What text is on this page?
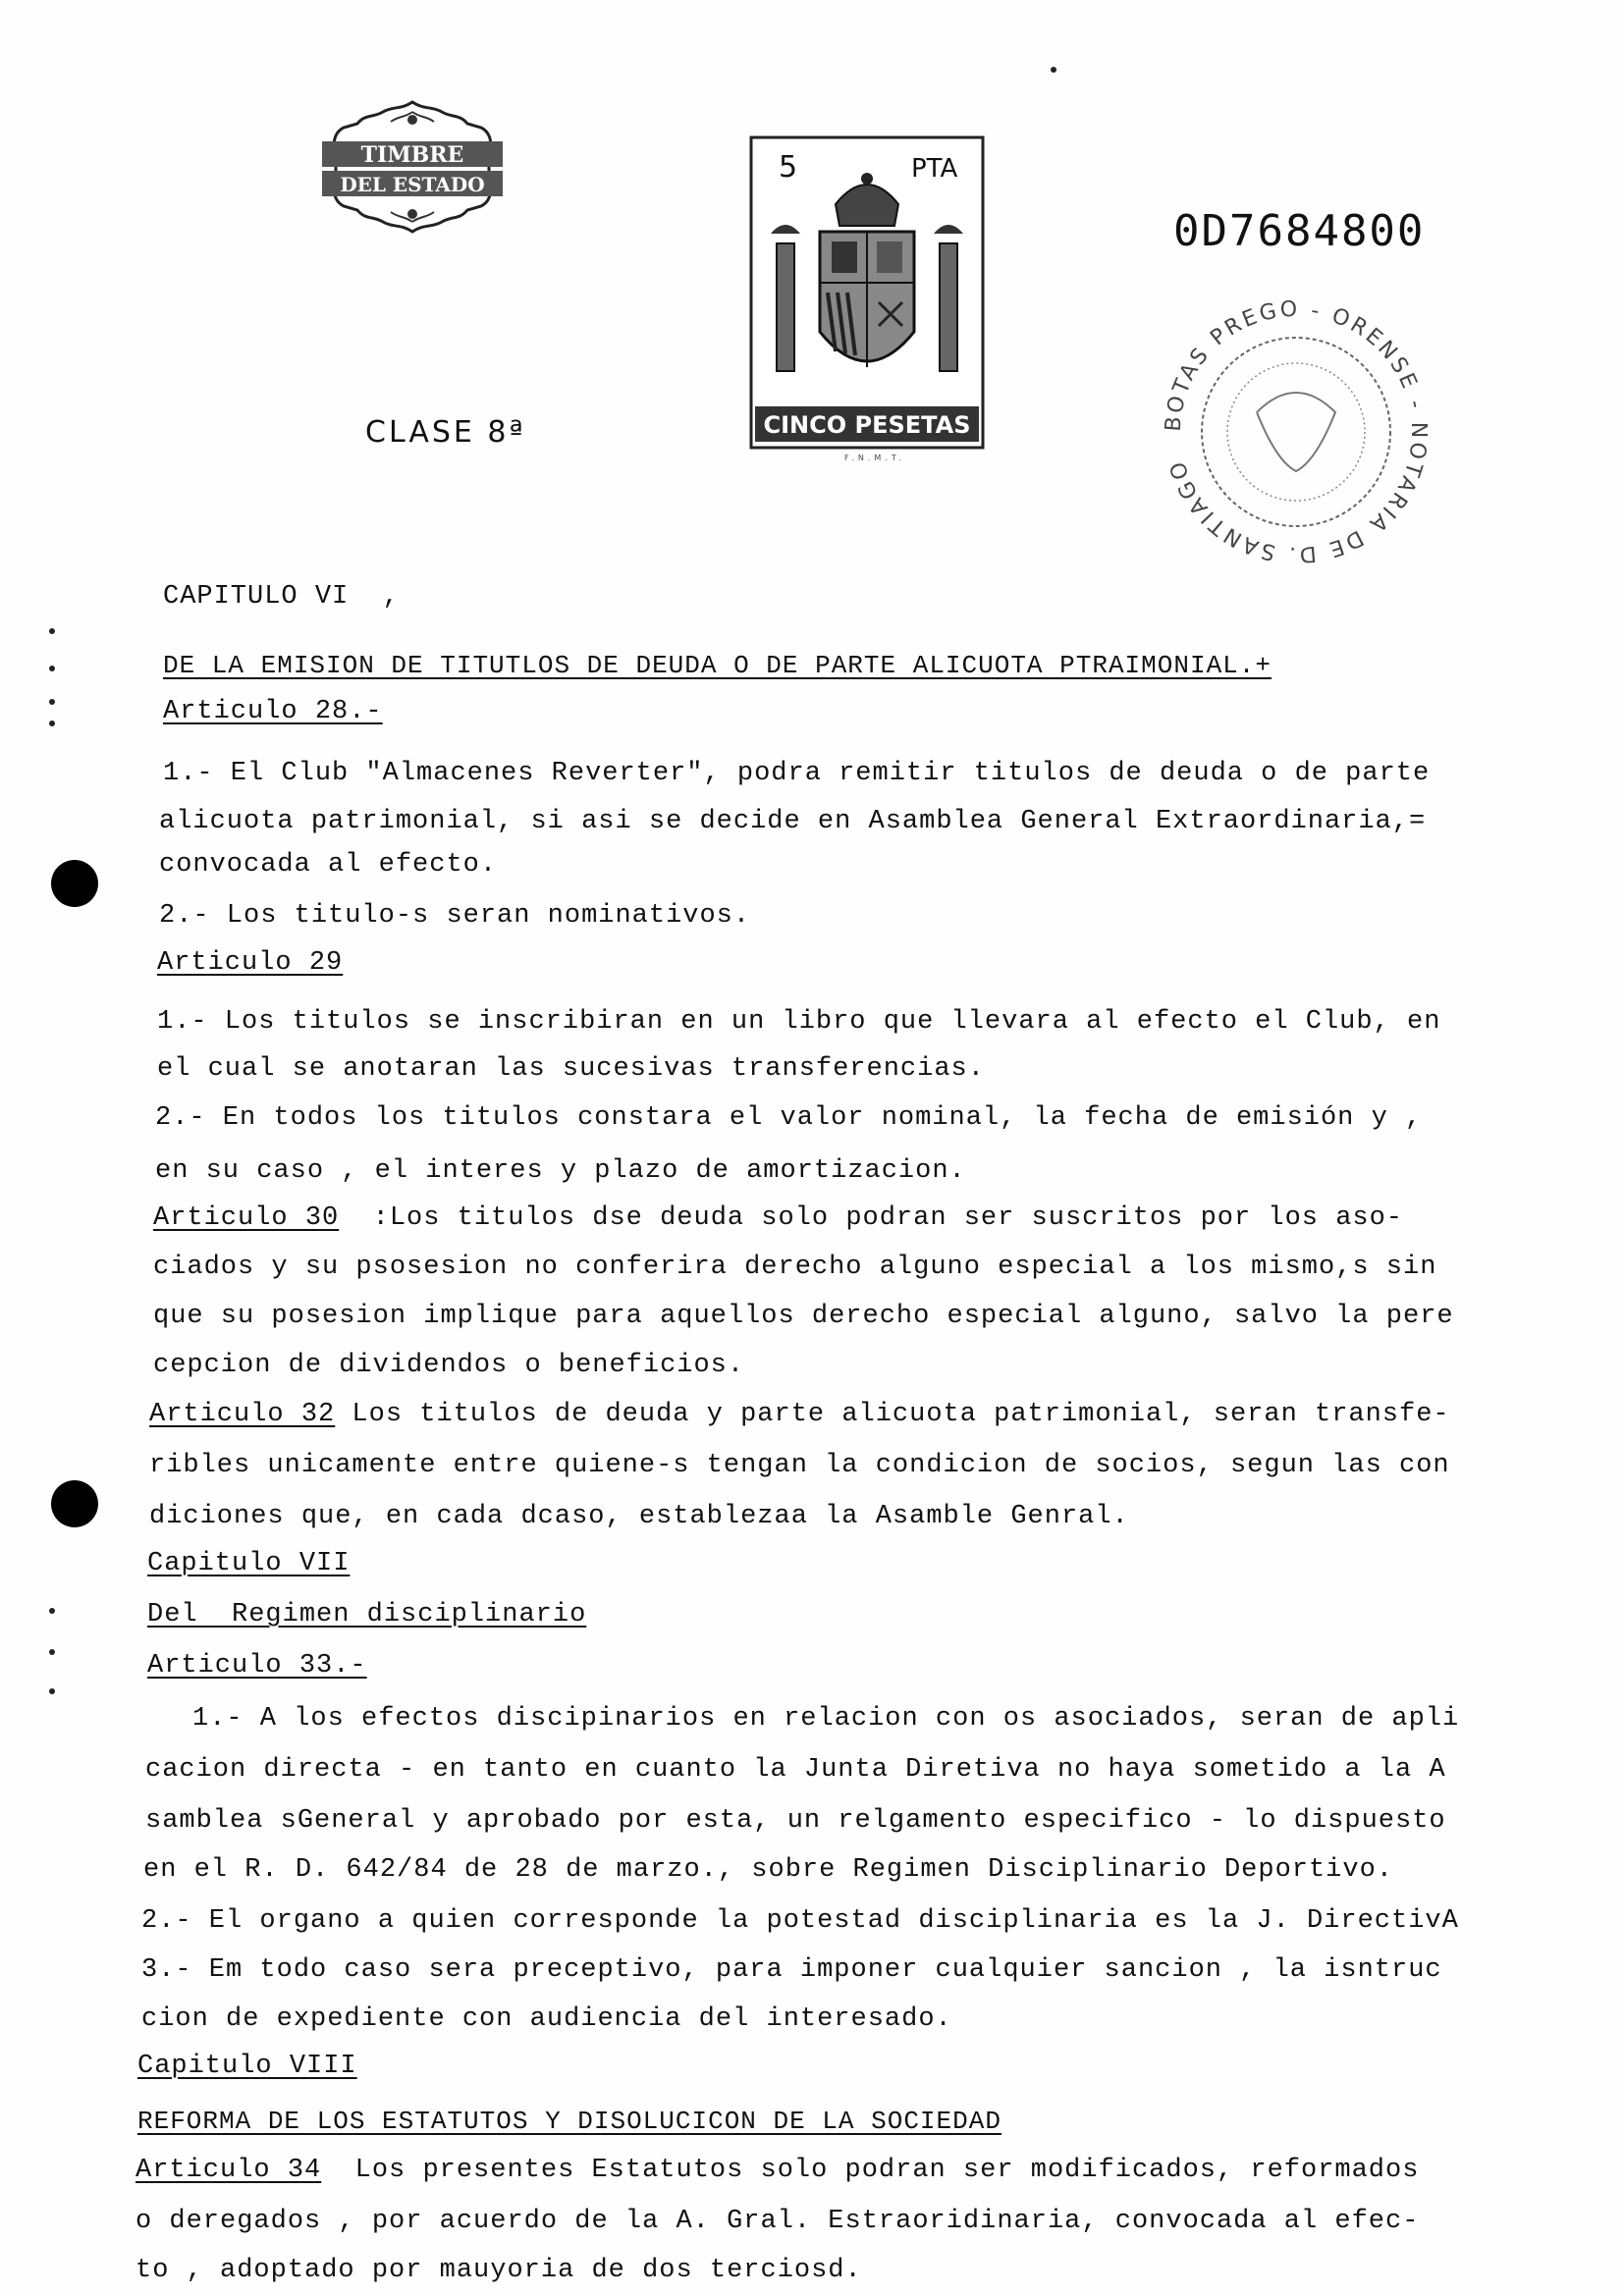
TIMBRE
DEL ESTADO	5	PTA
CINCO PESETAS
F.N.M.T.
0D7684800
CLASE 8ª	BOTAS PREGO - ORENSE - NOTARIA DE D. SANTIAGO
CAPITULO VI  ,
DE LA EMISION DE TITUTLOS DE DEUDA O DE PARTE ALICUOTA PTRAIMONIAL.+
Articulo 28.-
1.- El Club "Almacenes Reverter", podra remitir titulos de deuda o de parte
alicuota patrimonial, si asi se decide en Asamblea General Extraordinaria,=
convocada al efecto.
2.- Los titulo-s seran nominativos.
Articulo 29
1.- Los titulos se inscribiran en un libro que llevara al efecto el Club, en
el cual se anotaran las sucesivas transferencias.
2.- En todos los titulos constara el valor nominal, la fecha de emisión y ,
en su caso , el interes y plazo de amortizacion.
Articulo 30  :Los titulos dse deuda solo podran ser suscritos por los aso-
ciados y su psosesion no conferira derecho alguno especial a los mismo,s sin
que su posesion implique para aquellos derecho especial alguno, salvo la pere
cepcion de dividendos o beneficios.
Articulo 32 Los titulos de deuda y parte alicuota patrimonial, seran transfe-
ribles unicamente entre quiene-s tengan la condicion de socios, segun las con
diciones que, en cada dcaso, establezaa la Asamble Genral.
Capitulo VII
Del  Regimen disciplinario
Articulo 33.-
1.- A los efectos discipinarios en relacion con os asociados, seran de apli
cacion directa - en tanto en cuanto la Junta Diretiva no haya sometido a la A
samblea sGeneral y aprobado por esta, un relgamento especifico - lo dispuesto
en el R. D. 642/84 de 28 de marzo., sobre Regimen Disciplinario Deportivo.
2.- El organo a quien corresponde la potestad disciplinaria es la J. DirectivA
3.- Em todo caso sera preceptivo, para imponer cualquier sancion , la isntruc
cion de expediente con audiencia del interesado.
Capitulo VIII
REFORMA DE LOS ESTATUTOS Y DISOLUCICON DE LA SOCIEDAD
Articulo 34  Los presentes Estatutos solo podran ser modificados, reformados
o deregados , por acuerdo de la A. Gral. Estraoridinaria, convocada al efec-
to , adoptado por mauyoria de dos terciosd.
